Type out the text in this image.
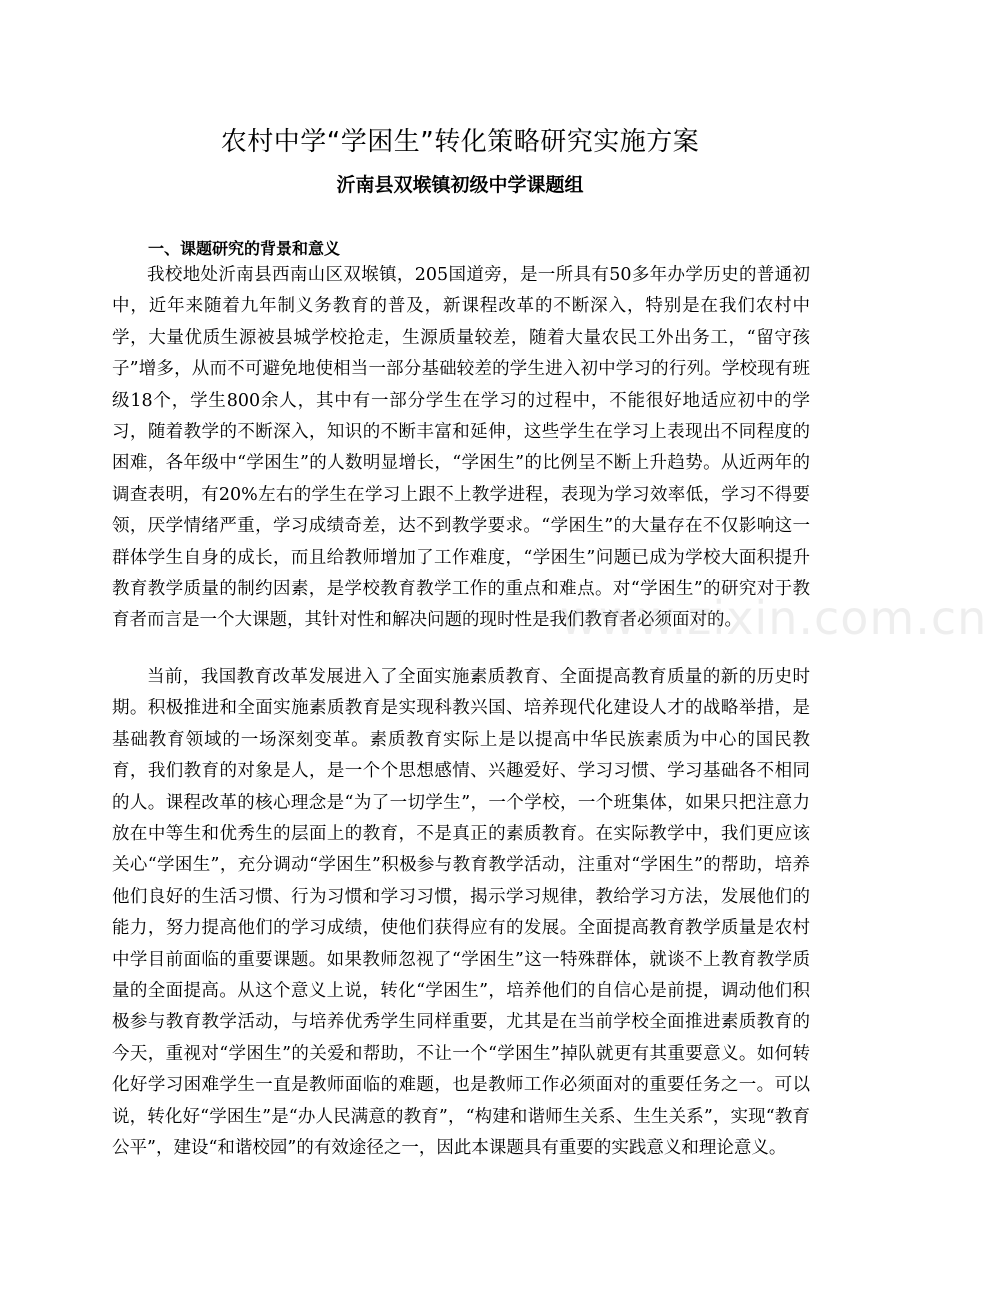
农村中学“学困生”转化策略研究实施方案
沂南县双堠镇初级中学课题组
一、课题研究的背景和意义

我校地处沂南县西南山区双堠镇，205国道旁，是一所具有50多年办学历史的普通初中，近年来随着九年制义务教育的普及，新课程改革的不断深入，特别是在我们农村中学，大量优质生源被县城学校抢走，生源质量较差，随着大量农民工外出务工，“留守孩子”增多，从而不可避免地使相当一部分基础较差的学生进入初中学习的行列。学校现有班级18个，学生800余人，其中有一部分学生在学习的过程中，不能很好地适应初中的学习，随着教学的不断深入，知识的不断丰富和延伸，这些学生在学习上表现出不同程度的困难，各年级中“学困生”的人数明显增长，“学困生”的比例呈不断上升趋势。从近两年的调查表明，有20%左右的学生在学习上跟不上教学进程，表现为学习效率低，学习不得要领，厌学情绪严重，学习成绩奇差，达不到教学要求。“学困生”的大量存在不仅影响这一群体学生自身的成长，而且给教师增加了工作难度，“学困生”问题已成为学校大面积提升教育教学质量的制约因素，是学校教育教学工作的重点和难点。对“学困生”的研究对于教育者而言是一个大课题，其针对性和解决问题的现时性是我们教育者必须面对的。

当前，我国教育改革发展进入了全面实施素质教育、全面提高教育质量的新的历史时期。积极推进和全面实施素质教育是实现科教兴国、培养现代化建设人才的战略举措，是基础教育领域的一场深刻变革。素质教育实际上是以提高中华民族素质为中心的国民教育，我们教育的对象是人，是一个个思想感情、兴趣爱好、学习习惯、学习基础各不相同的人。课程改革的核心理念是“为了一切学生”，一个学校，一个班集体，如果只把注意力放在中等生和优秀生的层面上的教育，不是真正的素质教育。在实际教学中，我们更应该关心“学困生”，充分调动“学困生”积极参与教育教学活动，注重对“学困生”的帮助，培养他们良好的生活习惯、行为习惯和学习习惯，揭示学习规律，教给学习方法，发展他们的能力，努力提高他们的学习成绩，使他们获得应有的发展。全面提高教育教学质量是农村中学目前面临的重要课题。如果教师忽视了“学困生”这一特殊群体，就谈不上教育教学质量的全面提高。从这个意义上说，转化“学困生”，培养他们的自信心是前提，调动他们积极参与教育教学活动，与培养优秀学生同样重要，尤其是在当前学校全面推进素质教育的今天，重视对“学困生”的关爱和帮助，不让一个“学困生”掉队就更有其重要意义。如何转化好学习困难学生一直是教师面临的难题，也是教师工作必须面对的重要任务之一。可以说，转化好“学困生”是“办人民满意的教育”，“构建和谐师生关系、生生关系”，实现“教育公平”，建设“和谐校园”的有效途径之一，因此本课题具有重要的实践意义和理论意义。

www.zixin.com.cn
